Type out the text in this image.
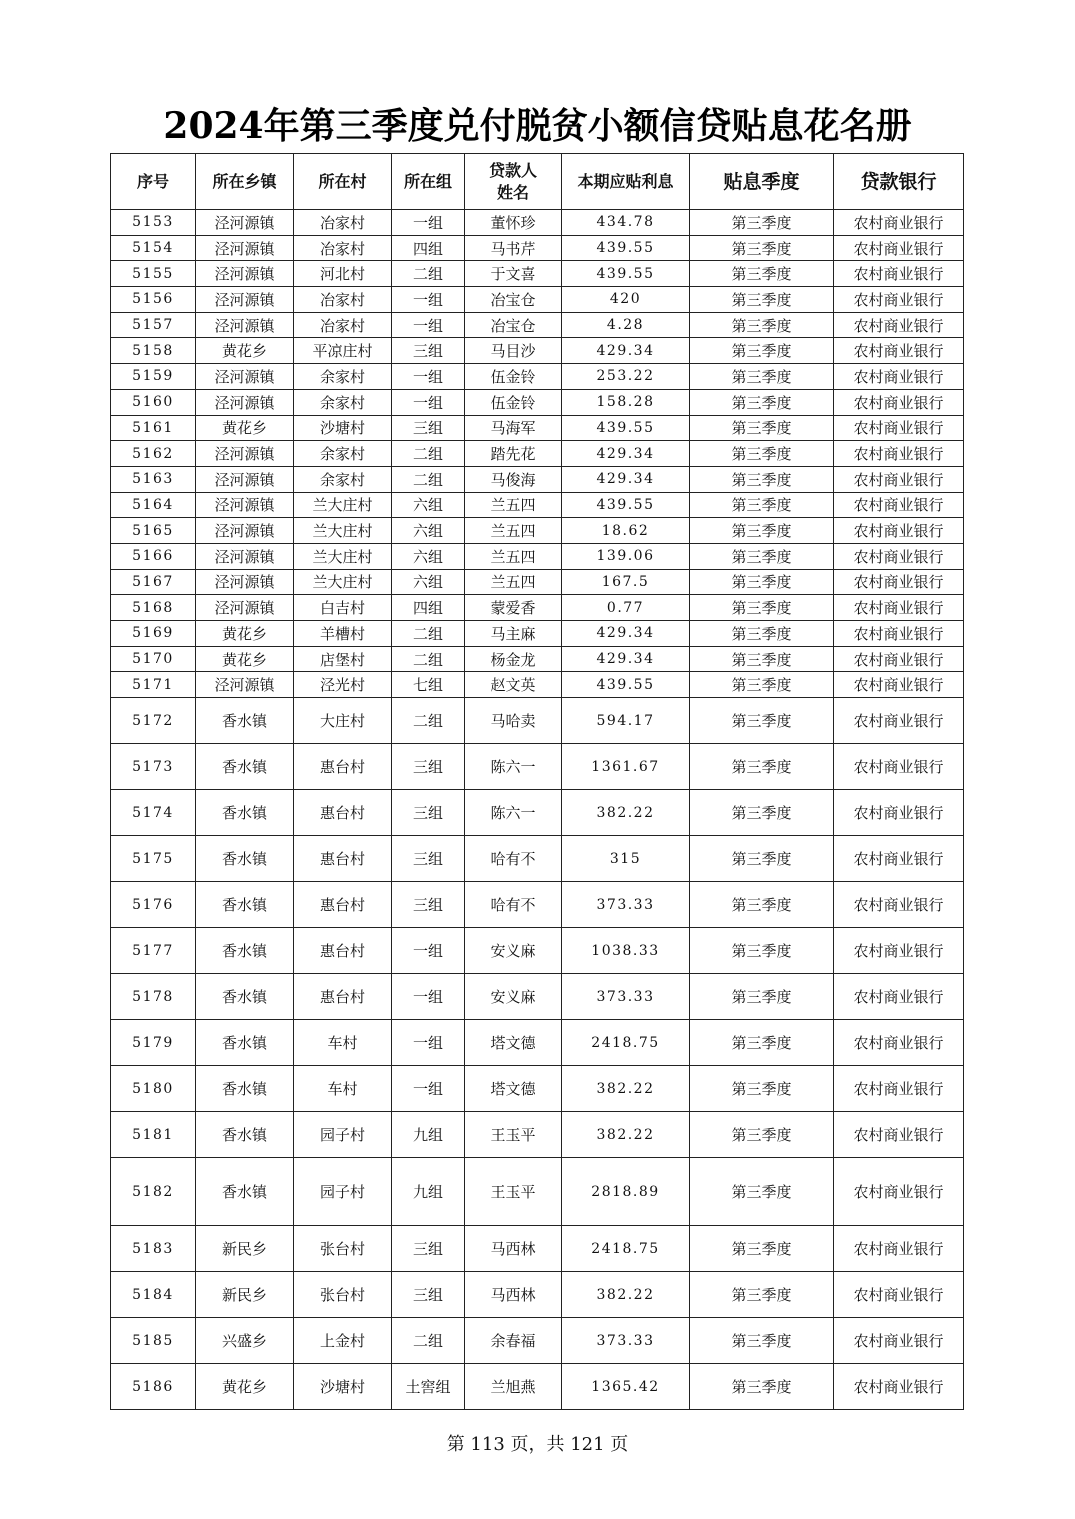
2024年第三季度兑付脱贫小额信贷贴息花名册
序号	所在乡镇	所在村	所在组	贷款人姓名	本期应贴利息	贴息季度	贷款银行
5153	泾河源镇	冶家村	一组	董怀珍	434.78	第三季度	农村商业银行
5154	泾河源镇	冶家村	四组	马书芹	439.55	第三季度	农村商业银行
5155	泾河源镇	河北村	二组	于文喜	439.55	第三季度	农村商业银行
5156	泾河源镇	冶家村	一组	冶宝仓	420	第三季度	农村商业银行
5157	泾河源镇	冶家村	一组	冶宝仓	4.28	第三季度	农村商业银行
5158	黄花乡	平凉庄村	三组	马目沙	429.34	第三季度	农村商业银行
5159	泾河源镇	余家村	一组	伍金铃	253.22	第三季度	农村商业银行
5160	泾河源镇	余家村	一组	伍金铃	158.28	第三季度	农村商业银行
5161	黄花乡	沙塘村	三组	马海军	439.55	第三季度	农村商业银行
5162	泾河源镇	余家村	二组	踏先花	429.34	第三季度	农村商业银行
5163	泾河源镇	余家村	二组	马俊海	429.34	第三季度	农村商业银行
5164	泾河源镇	兰大庄村	六组	兰五四	439.55	第三季度	农村商业银行
5165	泾河源镇	兰大庄村	六组	兰五四	18.62	第三季度	农村商业银行
5166	泾河源镇	兰大庄村	六组	兰五四	139.06	第三季度	农村商业银行
5167	泾河源镇	兰大庄村	六组	兰五四	167.5	第三季度	农村商业银行
5168	泾河源镇	白吉村	四组	蒙爱香	0.77	第三季度	农村商业银行
5169	黄花乡	羊槽村	二组	马主麻	429.34	第三季度	农村商业银行
5170	黄花乡	店堡村	二组	杨金龙	429.34	第三季度	农村商业银行
5171	泾河源镇	泾光村	七组	赵文英	439.55	第三季度	农村商业银行
5172	香水镇	大庄村	二组	马哈卖	594.17	第三季度	农村商业银行
5173	香水镇	惠台村	三组	陈六一	1361.67	第三季度	农村商业银行
5174	香水镇	惠台村	三组	陈六一	382.22	第三季度	农村商业银行
5175	香水镇	惠台村	三组	哈有不	315	第三季度	农村商业银行
5176	香水镇	惠台村	三组	哈有不	373.33	第三季度	农村商业银行
5177	香水镇	惠台村	一组	安义麻	1038.33	第三季度	农村商业银行
5178	香水镇	惠台村	一组	安义麻	373.33	第三季度	农村商业银行
5179	香水镇	车村	一组	塔文德	2418.75	第三季度	农村商业银行
5180	香水镇	车村	一组	塔文德	382.22	第三季度	农村商业银行
5181	香水镇	园子村	九组	王玉平	382.22	第三季度	农村商业银行
5182	香水镇	园子村	九组	王玉平	2818.89	第三季度	农村商业银行
5183	新民乡	张台村	三组	马西林	2418.75	第三季度	农村商业银行
5184	新民乡	张台村	三组	马西林	382.22	第三季度	农村商业银行
5185	兴盛乡	上金村	二组	余春福	373.33	第三季度	农村商业银行
5186	黄花乡	沙塘村	土窖组	兰旭燕	1365.42	第三季度	农村商业银行
第 113 页，共 121 页
